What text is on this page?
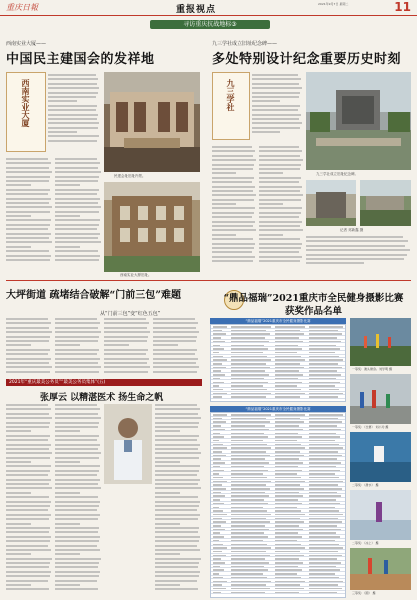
重庆日報	重报视点
2021年9月7日 星期二	11
寻访重庆抗战地标③
西南实业大厦——
中国民主建国会的发祥地
西南实业大厦
民建会址旧址内景。
西南实业大厦旧址。
九三学社成立旧址纪念碑——
多处特别设计纪念重要历史时刻
九三学社
九三学社成立旧址纪念碑。
记者 邓新鑫 摄
大坪街道 疏堵结合破解“门前三包”难题
从“门前三包”变“红色五包”
2021年“重庆最美公务员”“最美公务员集体”(五)
张厚云 以精湛医术 扬生命之帆
“鼎品福瑞”2021重庆市全民健身摄影比赛
获奖作品名单
“鼎品福瑞”2021重庆市全民健身摄影比赛
“鼎品福瑞”2021重庆市全民健身摄影比赛
一等奖：滩头健身。刘学明 摄
一等奖：《比赛》 刘小玲 摄
二等奖：《滑水》 摄
二等奖：《冰上》 摄
三等奖：《跑》 摄
